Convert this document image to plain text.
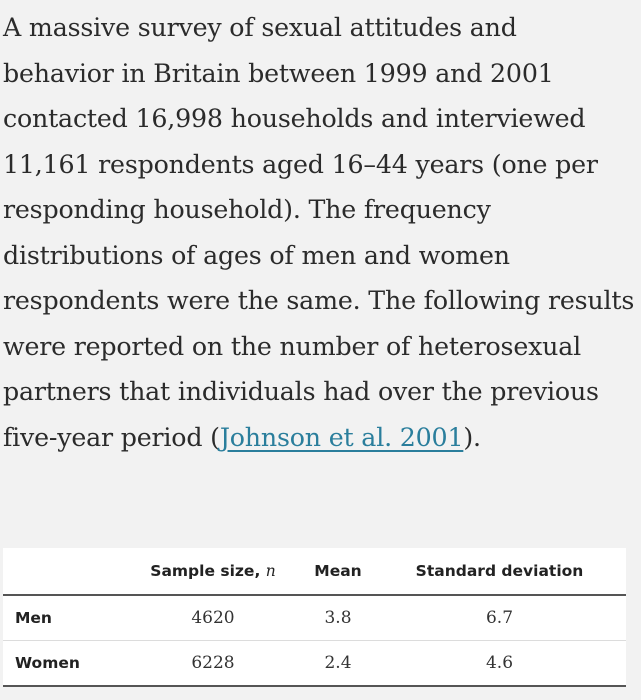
A massive survey of sexual attitudes and behavior in Britain between 1999 and 2001 contacted 16,998 households and interviewed 11,161 respondents aged 16–44 years (one per responding household). The frequency distributions of ages of men and women respondents were the same. The following results were reported on the number of heterosexual partners that individuals had over the previous five-year period (Johnson et al. 2001).

	Sample size, n	Mean	Standard deviation
Men	4620	3.8	6.7
Women	6228	2.4	4.6
